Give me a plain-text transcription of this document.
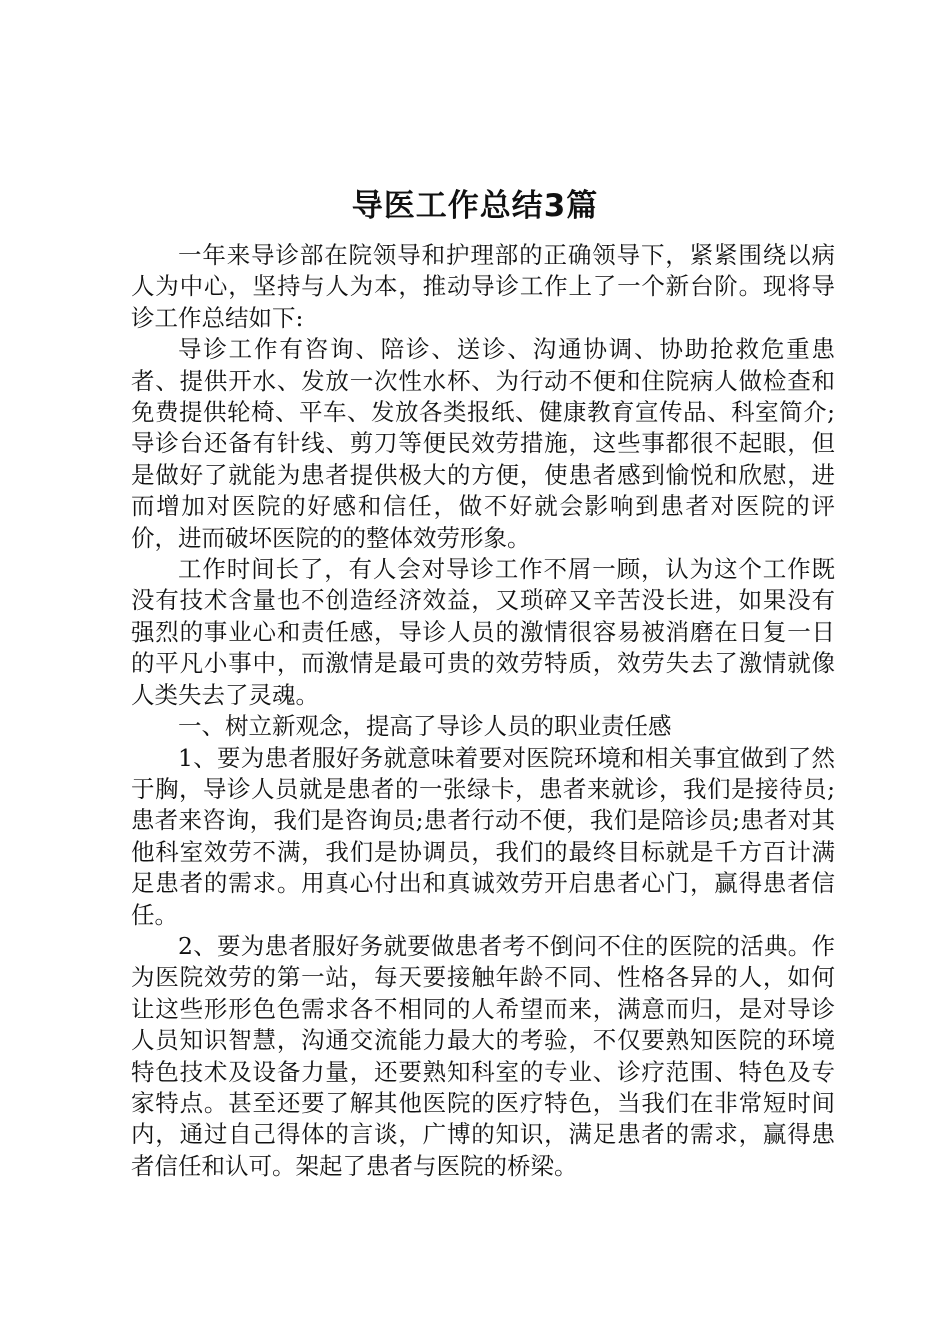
导医工作总结3篇

一年来导诊部在院领导和护理部的正确领导下，紧紧围绕以病人为中心，坚持与人为本，推动导诊工作上了一个新台阶。现将导诊工作总结如下:

导诊工作有咨询、陪诊、送诊、沟通协调、协助抢救危重患者、提供开水、发放一次性水杯、为行动不便和住院病人做检查和免费提供轮椅、平车、发放各类报纸、健康教育宣传品、科室简介;导诊台还备有针线、剪刀等便民效劳措施，这些事都很不起眼，但是做好了就能为患者提供极大的方便，使患者感到愉悦和欣慰，进而增加对医院的好感和信任，做不好就会影响到患者对医院的评价，进而破坏医院的的整体效劳形象。

工作时间长了，有人会对导诊工作不屑一顾，认为这个工作既没有技术含量也不创造经济效益，又琐碎又辛苦没长进，如果没有强烈的事业心和责任感，导诊人员的激情很容易被消磨在日复一日的平凡小事中，而激情是最可贵的效劳特质，效劳失去了激情就像人类失去了灵魂。

一、树立新观念，提高了导诊人员的职业责任感

1、要为患者服好务就意味着要对医院环境和相关事宜做到了然于胸，导诊人员就是患者的一张绿卡，患者来就诊，我们是接待员;患者来咨询，我们是咨询员;患者行动不便，我们是陪诊员;患者对其他科室效劳不满，我们是协调员，我们的最终目标就是千方百计满足患者的需求。用真心付出和真诚效劳开启患者心门，赢得患者信任。

2、要为患者服好务就要做患者考不倒问不住的医院的活典。作为医院效劳的第一站，每天要接触年龄不同、性格各异的人，如何让这些形形色色需求各不相同的人希望而来，满意而归，是对导诊人员知识智慧，沟通交流能力最大的考验，不仅要熟知医院的环境特色技术及设备力量，还要熟知科室的专业、诊疗范围、特色及专家特点。甚至还要了解其他医院的医疗特色，当我们在非常短时间内，通过自己得体的言谈，广博的知识，满足患者的需求，赢得患者信任和认可。架起了患者与医院的桥梁。
